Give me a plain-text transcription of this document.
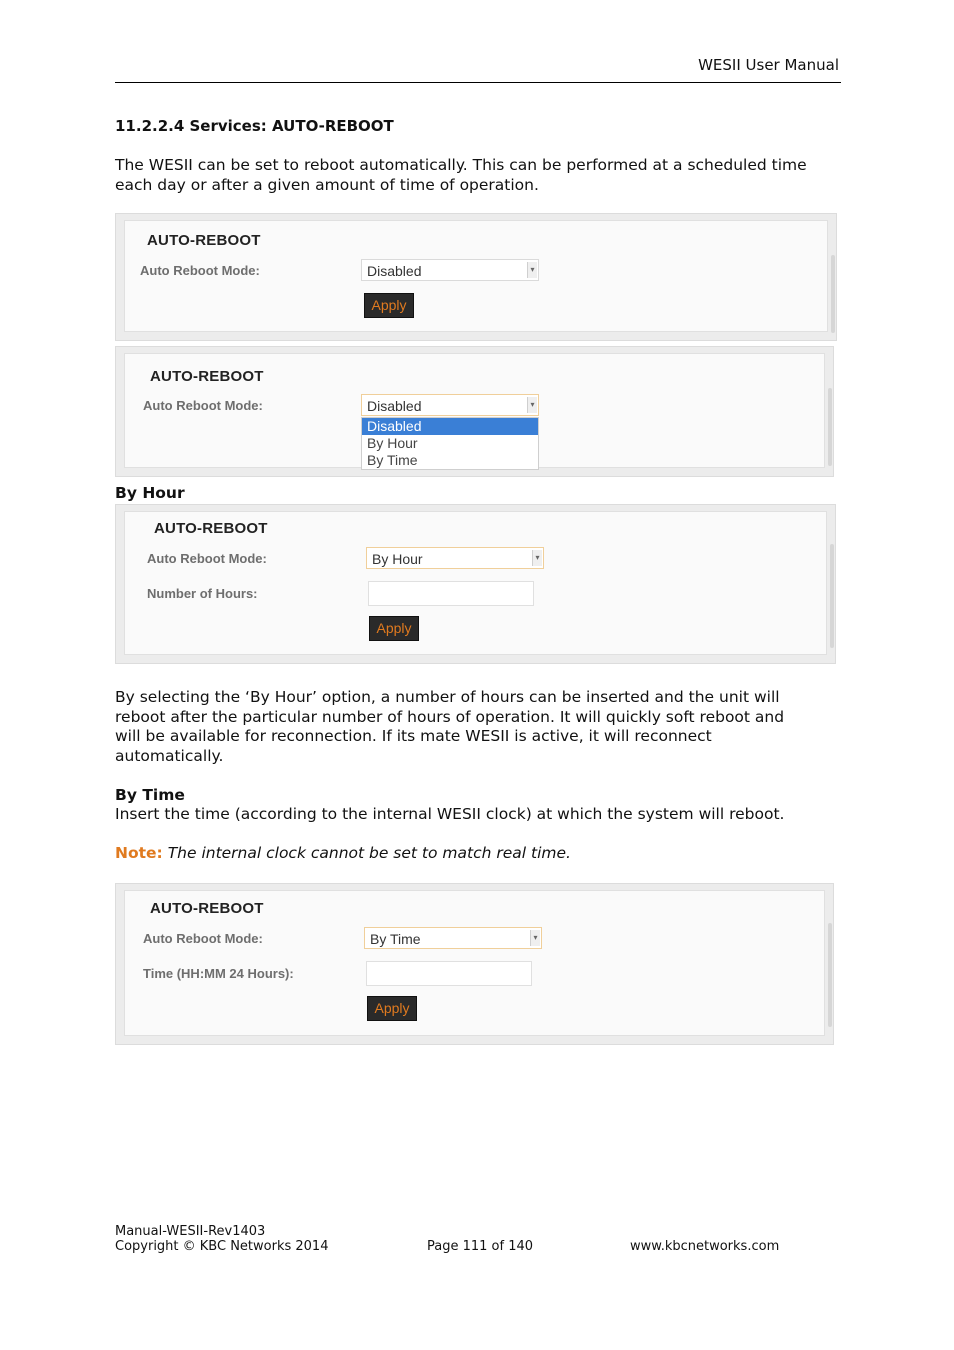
WESII User Manual
11.2.2.4 Services: AUTO-REBOOT
The WESII can be set to reboot automatically. This can be performed at a scheduled time
each day or after a given amount of time of operation.
AUTO-REBOOT
Auto Reboot Mode:	Disabled	▾
Apply
AUTO-REBOOT
Auto Reboot Mode:	Disabled	▾
Disabled
By Hour
By Time
By Hour
AUTO-REBOOT
Auto Reboot Mode:	By Hour	▾
Number of Hours:
Apply
By selecting the ‘By Hour’ option, a number of hours can be inserted and the unit will
reboot after the particular number of hours of operation. It will quickly soft reboot and
will be available for reconnection. If its mate WESII is active, it will reconnect
automatically.
By Time
Insert the time (according to the internal WESII clock) at which the system will reboot.
Note: The internal clock cannot be set to match real time.
AUTO-REBOOT
Auto Reboot Mode:	By Time	▾
Time (HH:MM 24 Hours):
Apply
Manual-WESII-Rev1403
Copyright © KBC Networks 2014	Page 111 of 140	www.kbcnetworks.com
